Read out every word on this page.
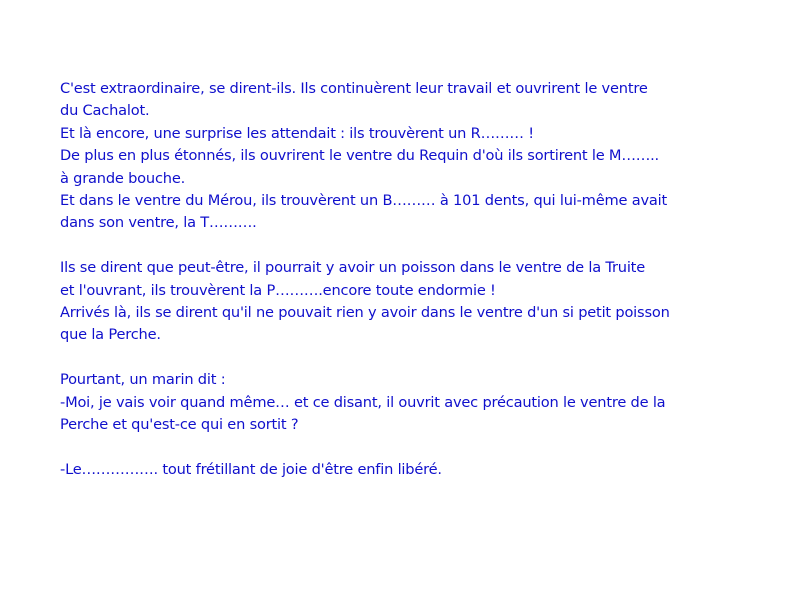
C'est extraordinaire, se dirent-ils. Ils continuèrent leur travail et ouvrirent le ventre
du Cachalot.
Et là encore, une surprise les attendait : ils trouvèrent un R……… !
De plus en plus étonnés, ils ouvrirent le ventre du Requin d'où ils sortirent le M……..
à grande bouche.
Et dans le ventre du Mérou, ils trouvèrent un B……… à 101 dents, qui lui-même avait
dans son ventre, la T……….
Ils se dirent que peut-être, il pourrait y avoir un poisson dans le ventre de la Truite
et l'ouvrant, ils trouvèrent la P……….encore toute endormie !
Arrivés là, ils se dirent qu'il ne pouvait rien y avoir dans le ventre d'un si petit poisson
que la Perche.
Pourtant, un marin dit :
-Moi, je vais voir quand même… et ce disant, il ouvrit avec précaution le ventre de la
Perche et qu'est-ce qui en sortit ?
-Le……………. tout frétillant de joie d'être enfin libéré.
